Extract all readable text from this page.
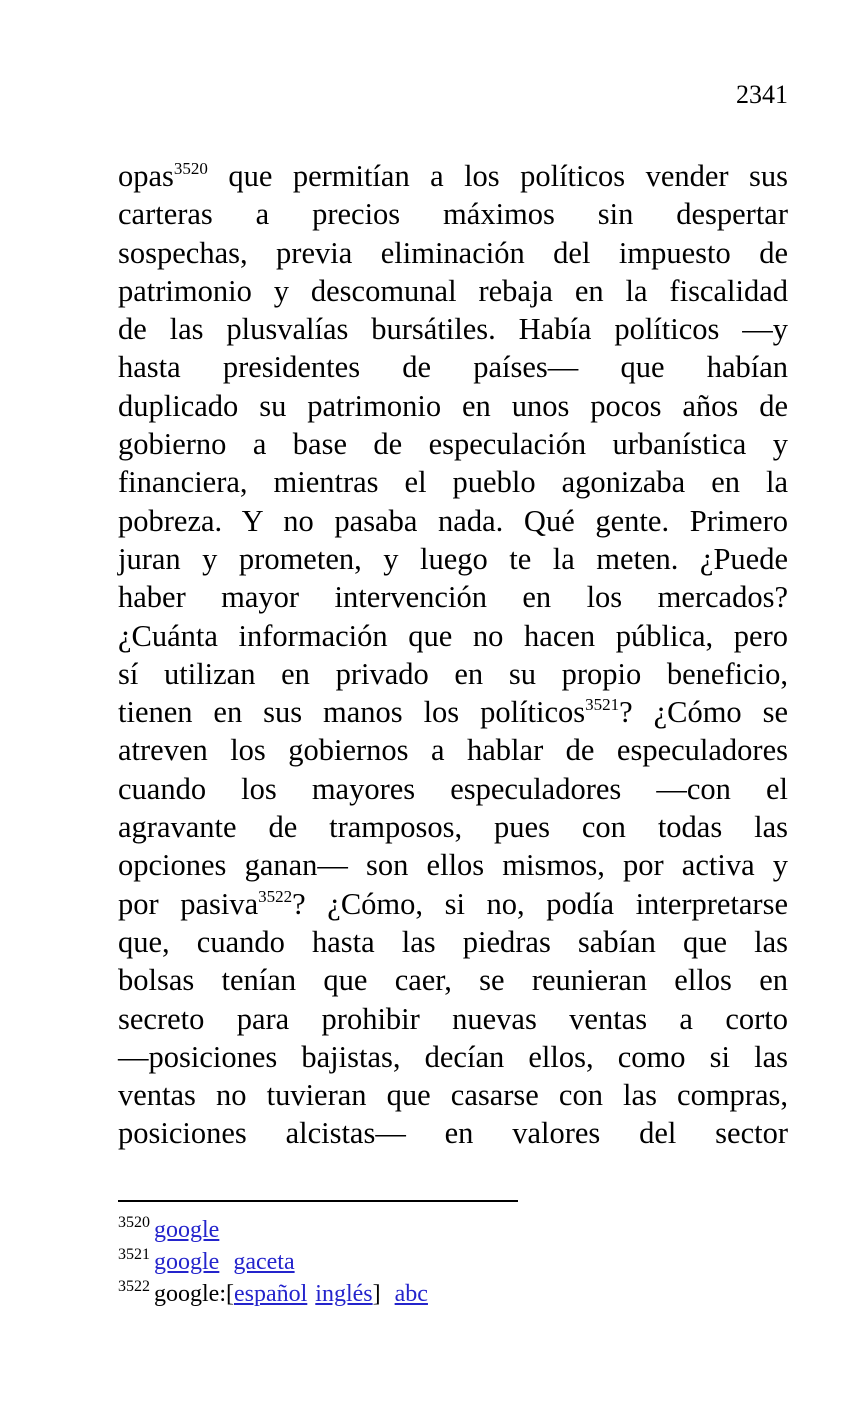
2341
opas$^{3520}$ que permitían a los políticos vender sus
carteras a precios máximos sin despertar
sospechas, previa eliminación del impuesto de
patrimonio y descomunal rebaja en la fiscalidad
de las plusvalías bursátiles. Había políticos —y
hasta presidentes de países— que habían
duplicado su patrimonio en unos pocos años de
gobierno a base de especulación urbanística y
financiera, mientras el pueblo agonizaba en la
pobreza. Y no pasaba nada. Qué gente. Primero
juran y prometen, y luego te la meten. ¿Puede
haber mayor intervención en los mercados?
¿Cuánta información que no hacen pública, pero
sí utilizan en privado en su propio beneficio,
tienen en sus manos los políticos$^{3521}$? ¿Cómo se
atreven los gobiernos a hablar de especuladores
cuando los mayores especuladores —con el
agravante de tramposos, pues con todas las
opciones ganan— son ellos mismos, por activa y
por pasiva$^{3522}$? ¿Cómo, si no, podía interpretarse
que, cuando hasta las piedras sabían que las
bolsas tenían que caer, se reunieran ellos en
secreto para prohibir nuevas ventas a corto
—posiciones bajistas, decían ellos, como si las
ventas no tuvieran que casarse con las compras,
posiciones alcistas— en valores del sector
$^{3520}$ google
$^{3521}$ google gaceta
$^{3522}$ google:[español inglés] abc
